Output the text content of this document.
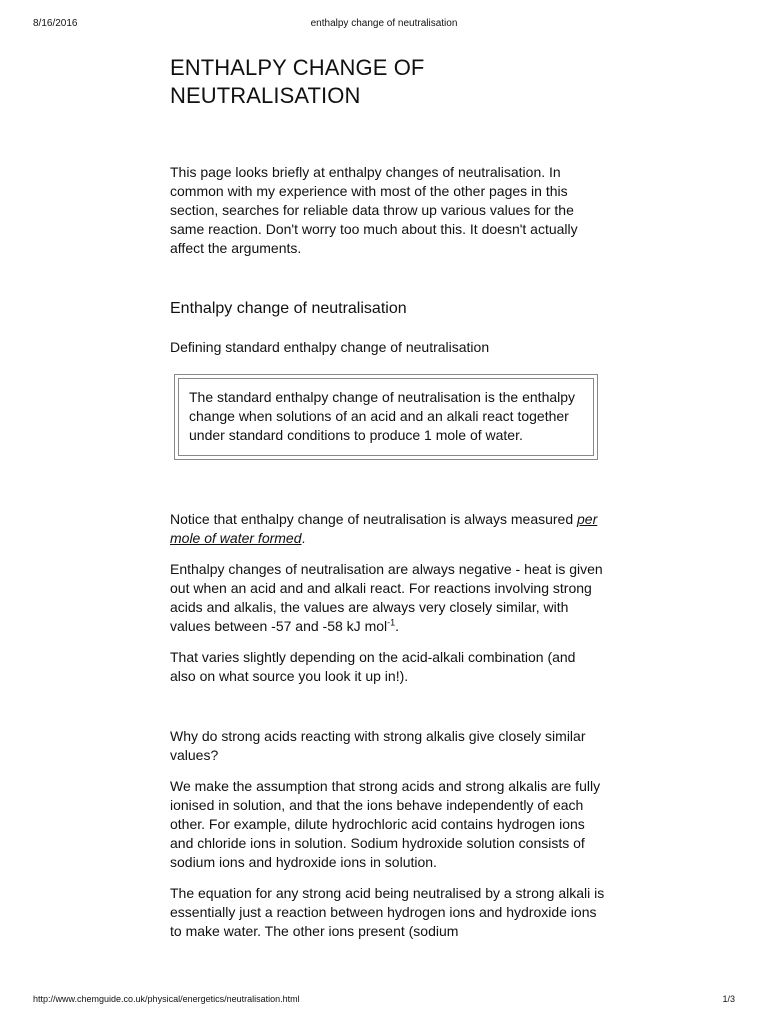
8/16/2016	enthalpy change of neutralisation
ENTHALPY CHANGE OF
NEUTRALISATION

This page looks briefly at enthalpy changes of neutralisation. In common with my experience with most of the other pages in this section, searches for reliable data throw up various values for the same reaction. Don't worry too much about this. It doesn't actually affect the arguments.

Enthalpy change of neutralisation
Defining standard enthalpy change of neutralisation

The standard enthalpy change of neutralisation is the enthalpy change when solutions of an acid and an alkali react together under standard conditions to produce 1 mole of water.

Notice that enthalpy change of neutralisation is always measured per mole of water formed.

Enthalpy changes of neutralisation are always negative - heat is given out when an acid and and alkali react. For reactions involving strong acids and alkalis, the values are always very closely similar, with values between -57 and -58 kJ mol$^{-1}$.

That varies slightly depending on the acid-alkali combination (and also on what source you look it up in!).

Why do strong acids reacting with strong alkalis give closely similar values?

We make the assumption that strong acids and strong alkalis are fully ionised in solution, and that the ions behave independently of each other. For example, dilute hydrochloric acid contains hydrogen ions and chloride ions in solution. Sodium hydroxide solution consists of sodium ions and hydroxide ions in solution.

The equation for any strong acid being neutralised by a strong alkali is essentially just a reaction between hydrogen ions and hydroxide ions to make water. The other ions present (sodium

http://www.chemguide.co.uk/physical/energetics/neutralisation.html	1/3
